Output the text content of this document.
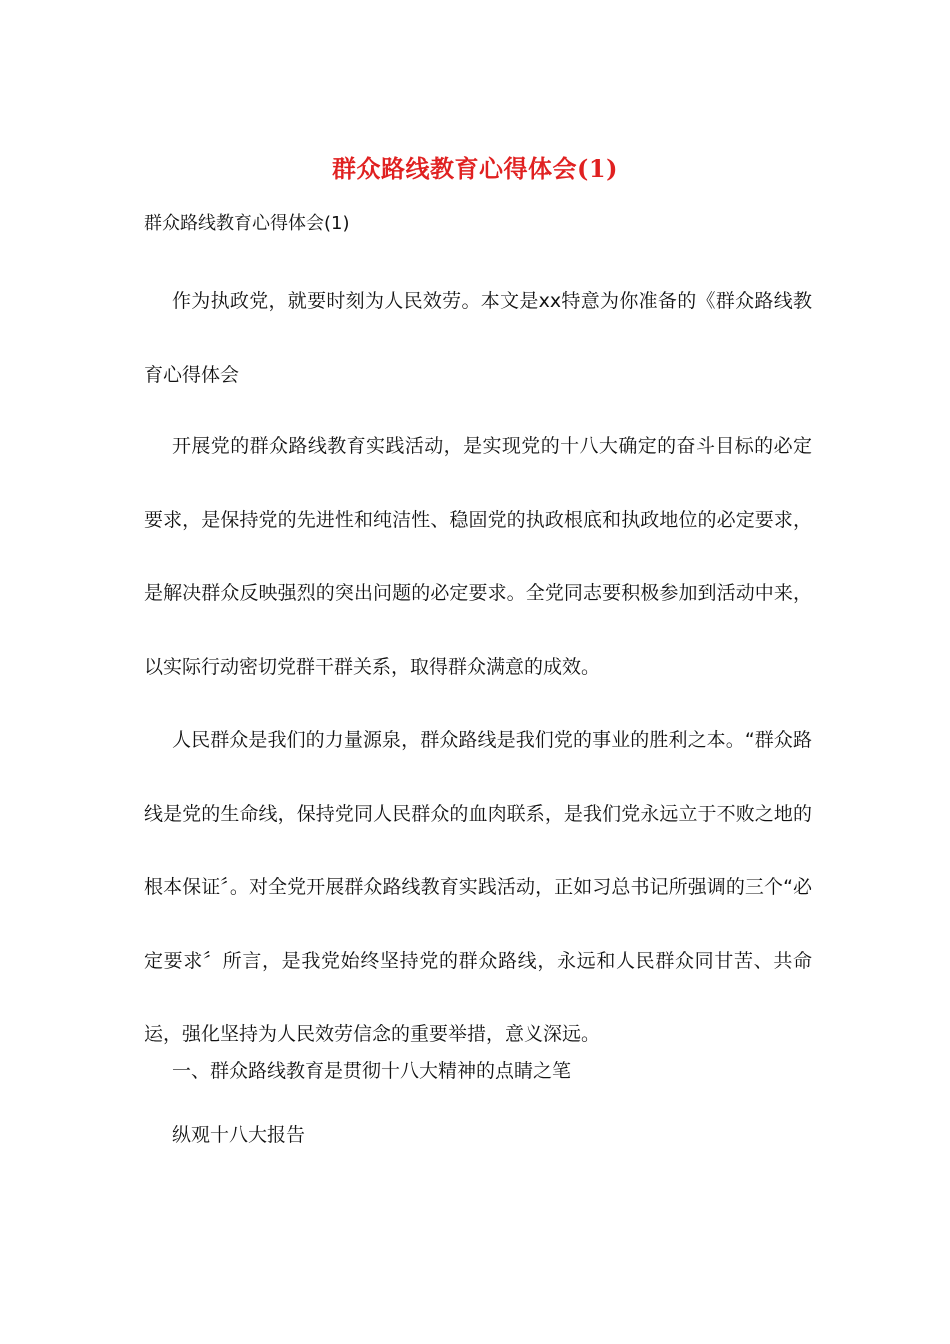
群众路线教育心得体会(1)
群众路线教育心得体会(1)

作为执政党，就要时刻为人民效劳。本文是xx特意为你准备的《群众路线教育心得体会

开展党的群众路线教育实践活动，是实现党的十八大确定的奋斗目标的必定要求，是保持党的先进性和纯洁性、稳固党的执政根底和执政地位的必定要求，是解决群众反映强烈的突出问题的必定要求。全党同志要积极参加到活动中来，以实际行动密切党群干群关系，取得群众满意的成效。

人民群众是我们的力量源泉，群众路线是我们党的事业的胜利之本。“群众路线是党的生命线，保持党同人民群众的血肉联系，是我们党永远立于不败之地的根本保证〞。对全党开展群众路线教育实践活动，正如习总书记所强调的三个“必定要求〞所言，是我党始终坚持党的群众路线，永远和人民群众同甘苦、共命运，强化坚持为人民效劳信念的重要举措，意义深远。

一、群众路线教育是贯彻十八大精神的点睛之笔
纵观十八大报告
